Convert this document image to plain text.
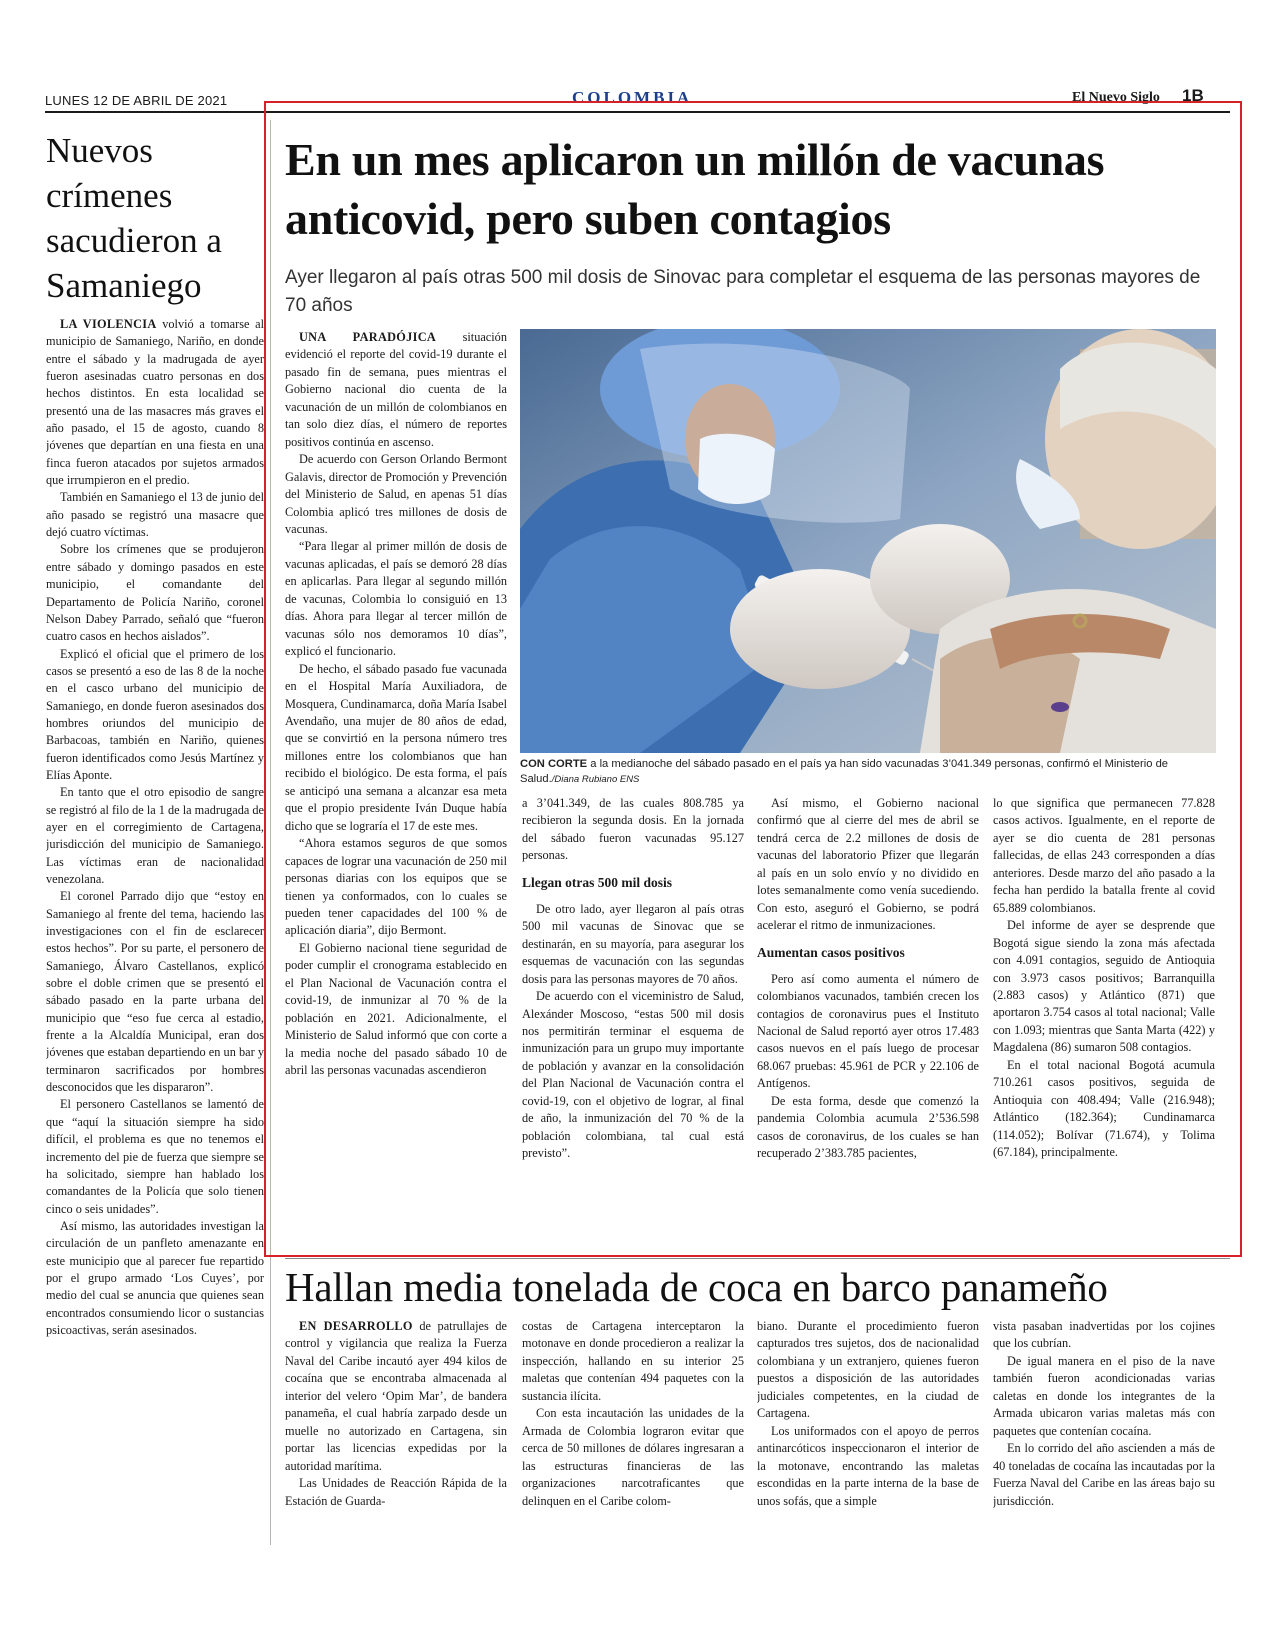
LUNES 12 DE ABRIL DE 2021	COLOMBIA	El Nuevo Siglo 1B
Nuevos crímenes sacudieron a Samaniego

LA VIOLENCIA volvió a tomarse al municipio de Samaniego, Nariño, en donde entre el sábado y la madrugada de ayer fueron asesinadas cuatro personas en dos hechos distintos. En esta localidad se presentó una de las masacres más graves el año pasado, el 15 de agosto, cuando 8 jóvenes que departían en una fiesta en una finca fueron atacados por sujetos armados que irrumpieron en el predio.

También en Samaniego el 13 de junio del año pasado se registró una masacre que dejó cuatro víctimas.

Sobre los crímenes que se produjeron entre sábado y domingo pasados en este municipio, el comandante del Departamento de Policía Nariño, coronel Nelson Dabey Parrado, señaló que “fueron cuatro casos en hechos aislados”.

Explicó el oficial que el primero de los casos se presentó a eso de las 8 de la noche en el casco urbano del municipio de Samaniego, en donde fueron asesinados dos hombres oriundos del municipio de Barbacoas, también en Nariño, quienes fueron identificados como Jesús Martínez y Elías Aponte.

En tanto que el otro episodio de sangre se registró al filo de la 1 de la madrugada de ayer en el corregimiento de Cartagena, jurisdicción del municipio de Samaniego. Las víctimas eran de nacionalidad venezolana.

El coronel Parrado dijo que “estoy en Samaniego al frente del tema, haciendo las investigaciones con el fin de esclarecer estos hechos”. Por su parte, el personero de Samaniego, Álvaro Castellanos, explicó sobre el doble crimen que se presentó el sábado pasado en la parte urbana del municipio que “eso fue cerca al estadio, frente a la Alcaldía Municipal, eran dos jóvenes que estaban departiendo en un bar y terminaron sacrificados por hombres desconocidos que les dispararon”.

El personero Castellanos se lamentó de que “aquí la situación siempre ha sido difícil, el problema es que no tenemos el incremento del pie de fuerza que siempre se ha solicitado, siempre han hablado los comandantes de la Policía que solo tienen cinco o seis unidades”.

Así mismo, las autoridades investigan la circulación de un panfleto amenazante en este municipio que al parecer fue repartido por el grupo armado ‘Los Cuyes’, por medio del cual se anuncia que quienes sean encontrados consumiendo licor o sustancias psicoactivas, serán asesinados.

En un mes aplicaron un millón de vacunas anticovid, pero suben contagios
Ayer llegaron al país otras 500 mil dosis de Sinovac para completar el esquema de las personas mayores de 70 años

UNA PARADÓJICA situación evidenció el reporte del covid-19 durante el pasado fin de semana, pues mientras el Gobierno nacional dio cuenta de la vacunación de un millón de colombianos en tan solo diez días, el número de reportes positivos continúa en ascenso.

De acuerdo con Gerson Orlando Bermont Galavis, director de Promoción y Prevención del Ministerio de Salud, en apenas 51 días Colombia aplicó tres millones de dosis de vacunas.

“Para llegar al primer millón de dosis de vacunas aplicadas, el país se demoró 28 días en aplicarlas. Para llegar al segundo millón de vacunas, Colombia lo consiguió en 13 días. Ahora para llegar al tercer millón de vacunas sólo nos demoramos 10 días”, explicó el funcionario.

De hecho, el sábado pasado fue vacunada en el Hospital María Auxiliadora, de Mosquera, Cundinamarca, doña María Isabel Avendaño, una mujer de 80 años de edad, que se convirtió en la persona número tres millones entre los colombianos que han recibido el biológico. De esta forma, el país se anticipó una semana a alcanzar esa meta que el propio presidente Iván Duque había dicho que se lograría el 17 de este mes.

“Ahora estamos seguros de que somos capaces de lograr una vacunación de 250 mil personas diarias con los equipos que se tienen ya conformados, con lo cuales se pueden tener capacidades del 100 % de aplicación diaria”, dijo Bermont.

El Gobierno nacional tiene seguridad de poder cumplir el cronograma establecido en el Plan Nacional de Vacunación contra el covid-19, de inmunizar al 70 % de la población en 2021. Adicionalmente, el Ministerio de Salud informó que con corte a la media noche del pasado sábado 10 de abril las personas vacunadas ascendieron

CON CORTE a la medianoche del sábado pasado en el país ya han sido vacunadas 3’041.349 personas, confirmó el Ministerio de Salud./Diana Rubiano ENS

a 3’041.349, de las cuales 808.785 ya recibieron la segunda dosis. En la jornada del sábado fueron vacunadas 95.127 personas.

Llegan otras 500 mil dosis

De otro lado, ayer llegaron al país otras 500 mil vacunas de Sinovac que se destinarán, en su mayoría, para asegurar los esquemas de vacunación con las segundas dosis para las personas mayores de 70 años.

De acuerdo con el viceministro de Salud, Alexánder Moscoso, “estas 500 mil dosis nos permitirán terminar el esquema de inmunización para un grupo muy importante de población y avanzar en la consolidación del Plan Nacional de Vacunación contra el covid-19, con el objetivo de lograr, al final de año, la inmunización del 70 % de la población colombiana, tal cual está previsto”.

Así mismo, el Gobierno nacional confirmó que al cierre del mes de abril se tendrá cerca de 2.2 millones de dosis de vacunas del laboratorio Pfizer que llegarán al país en un solo envío y no dividido en lotes semanalmente como venía sucediendo. Con esto, aseguró el Gobierno, se podrá acelerar el ritmo de inmunizaciones.

Aumentan casos positivos

Pero así como aumenta el número de colombianos vacunados, también crecen los contagios de coronavirus pues el Instituto Nacional de Salud reportó ayer otros 17.483 casos nuevos en el país luego de procesar 68.067 pruebas: 45.961 de PCR y 22.106 de Antígenos.

De esta forma, desde que comenzó la pandemia Colombia acumula 2’536.598 casos de coronavirus, de los cuales se han recuperado 2’383.785 pacientes,

lo que significa que permanecen 77.828 casos activos. Igualmente, en el reporte de ayer se dio cuenta de 281 personas fallecidas, de ellas 243 corresponden a días anteriores. Desde marzo del año pasado a la fecha han perdido la batalla frente al covid 65.889 colombianos.

Del informe de ayer se desprende que Bogotá sigue siendo la zona más afectada con 4.091 contagios, seguido de Antioquia con 3.973 casos positivos; Barranquilla (2.883 casos) y Atlántico (871) que aportaron 3.754 casos al total nacional; Valle con 1.093; mientras que Santa Marta (422) y Magdalena (86) sumaron 508 contagios.

En el total nacional Bogotá acumula 710.261 casos positivos, seguida de Antioquia con 408.494; Valle (216.948); Atlántico (182.364); Cundinamarca (114.052); Bolívar (71.674), y Tolima (67.184), principalmente.

Hallan media tonelada de coca en barco panameño

EN DESARROLLO de patrullajes de control y vigilancia que realiza la Fuerza Naval del Caribe incautó ayer 494 kilos de cocaína que se encontraba almacenada al interior del velero ‘Opim Mar’, de bandera panameña, el cual habría zarpado desde un muelle no autorizado en Cartagena, sin portar las licencias expedidas por la autoridad marítima.

Las Unidades de Reacción Rápida de la Estación de Guarda-

costas de Cartagena interceptaron la motonave en donde procedieron a realizar la inspección, hallando en su interior 25 maletas que contenían 494 paquetes con la sustancia ilícita.

Con esta incautación las unidades de la Armada de Colombia lograron evitar que cerca de 50 millones de dólares ingresaran a las estructuras financieras de las organizaciones narcotraficantes que delinquen en el Caribe colom-

biano. Durante el procedimiento fueron capturados tres sujetos, dos de nacionalidad colombiana y un extranjero, quienes fueron puestos a disposición de las autoridades judiciales competentes, en la ciudad de Cartagena.

Los uniformados con el apoyo de perros antinarcóticos inspeccionaron el interior de la motonave, encontrando las maletas escondidas en la parte interna de la base de unos sofás, que a simple

vista pasaban inadvertidas por los cojines que los cubrían.

De igual manera en el piso de la nave también fueron acondicionadas varias caletas en donde los integrantes de la Armada ubicaron varias maletas más con paquetes que contenían cocaína.

En lo corrido del año ascienden a más de 40 toneladas de cocaína las incautadas por la Fuerza Naval del Caribe en las áreas bajo su jurisdicción.
